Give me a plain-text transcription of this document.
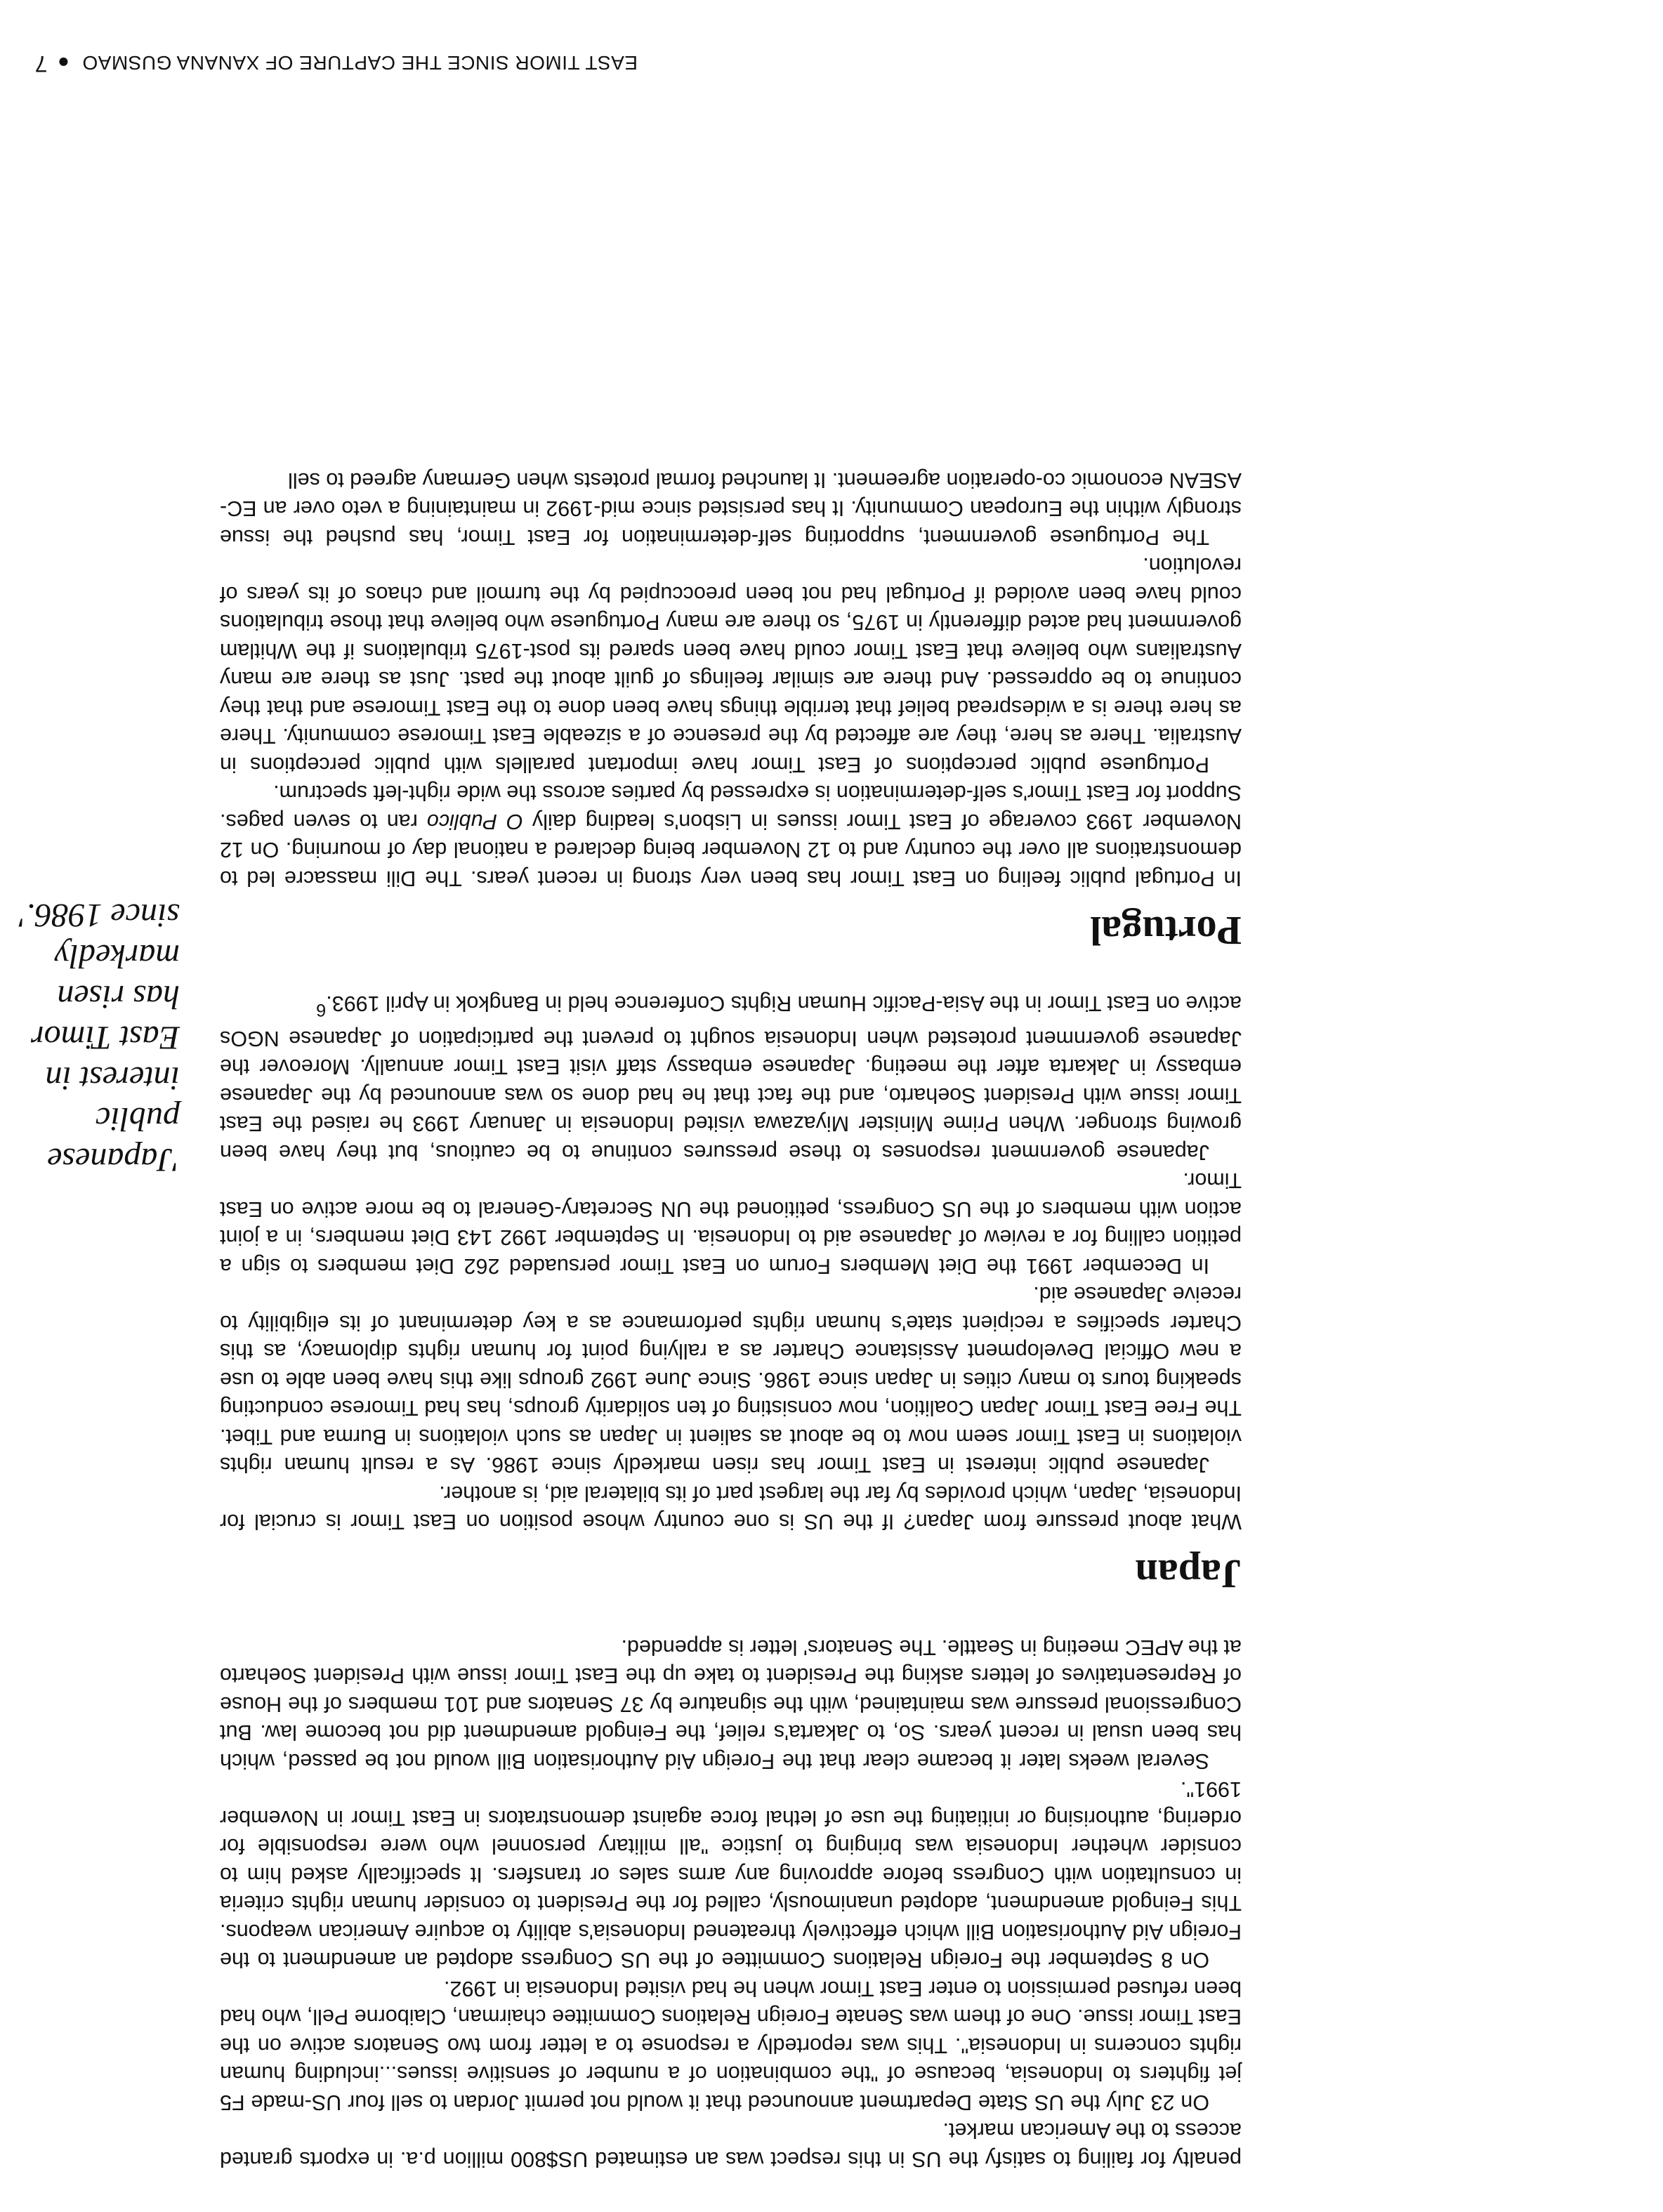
penalty for failing to satisfy the US in this respect was an estimated US$800 million p.a. in exports granted access to the American market.

On 23 July the US State Department announced that it would not permit Jordan to sell four US-made F5 jet fighters to Indonesia, because of "the combination of a number of sensitive issues...including human rights concerns in Indonesia". This was reportedly a response to a letter from two Senators active on the East Timor issue. One of them was Senate Foreign Relations Committee chairman, Claiborne Pell, who had been refused permission to enter East Timor when he had visited Indonesia in 1992.

On 8 September the Foreign Relations Committee of the US Congress adopted an amendment to the Foreign Aid Authorisation Bill which effectively threatened Indonesia's ability to acquire American weapons. This Feingold amendment, adopted unanimously, called for the President to consider human rights criteria in consultation with Congress before approving any arms sales or transfers. It specifically asked him to consider whether Indonesia was bringing to justice "all military personnel who were responsible for ordering, authorising or initiating the use of lethal force against demonstrators in East Timor in November 1991".

Several weeks later it became clear that the Foreign Aid Authorisation Bill would not be passed, which has been usual in recent years. So, to Jakarta's relief, the Feingold amendment did not become law. But Congressional pressure was maintained, with the signature by 37 Senators and 101 members of the House of Representatives of letters asking the President to take up the East Timor issue with President Soeharto at the APEC meeting in Seattle. The Senators' letter is appended.

Japan

What about pressure from Japan? If the US is one country whose position on East Timor is crucial for Indonesia, Japan, which provides by far the largest part of its bilateral aid, is another.

Japanese public interest in East Timor has risen markedly since 1986. As a result human rights violations in East Timor seem now to be about as salient in Japan as such violations in Burma and Tibet. The Free East Timor Japan Coalition, now consisting of ten solidarity groups, has had Timorese conducting speaking tours to many cities in Japan since 1986. Since June 1992 groups like this have been able to use a new Official Development Assistance Charter as a rallying point for human rights diplomacy, as this Charter specifies a recipient state's human rights performance as a key determinant of its eligibility to receive Japanese aid.

In December 1991 the Diet Members Forum on East Timor persuaded 262 Diet members to sign a petition calling for a review of Japanese aid to Indonesia. In September 1992 143 Diet members, in a joint action with members of the US Congress, petitioned the UN Secretary-General to be more active on East Timor.

Japanese government responses to these pressures continue to be cautious, but they have been growing stronger. When Prime Minister Miyazawa visited Indonesia in January 1993 he raised the East Timor issue with President Soeharto, and the fact that he had done so was announced by the Japanese embassy in Jakarta after the meeting. Japanese embassy staff visit East Timor annually. Moreover the Japanese government protested when Indonesia sought to prevent the participation of Japanese NGOs active on East Timor in the Asia-Pacific Human Rights Conference held in Bangkok in April 1993.$^6$

Portugal

In Portugal public feeling on East Timor has been very strong in recent years. The Dili massacre led to demonstrations all over the country and to 12 November being declared a national day of mourning. On 12 November 1993 coverage of East Timor issues in Lisbon's leading daily O Publico ran to seven pages. Support for East Timor's self-determination is expressed by parties across the wide right-left spectrum.

Portuguese public perceptions of East Timor have important parallels with public perceptions in Australia. There as here, they are affected by the presence of a sizeable East Timorese community. There as here there is a widespread belief that terrible things have been done to the East Timorese and that they continue to be oppressed. And there are similar feelings of guilt about the past. Just as there are many Australians who believe that East Timor could have been spared its post-1975 tribulations if the Whitlam government had acted differently in 1975, so there are many Portuguese who believe that those tribulations could have been avoided if Portugal had not been preoccupied by the turmoil and chaos of its years of revolution.

The Portuguese government, supporting self-determination for East Timor, has pushed the issue strongly within the European Community. It has persisted since mid-1992 in maintaining a veto over an EC-ASEAN economic co-operation agreement. It launched formal protests when Germany agreed to sell

'Japanese public interest in East Timor has risen markedly since 1986.'
EAST TIMOR SINCE THE CAPTURE OF XANANA GUSMAO●7
